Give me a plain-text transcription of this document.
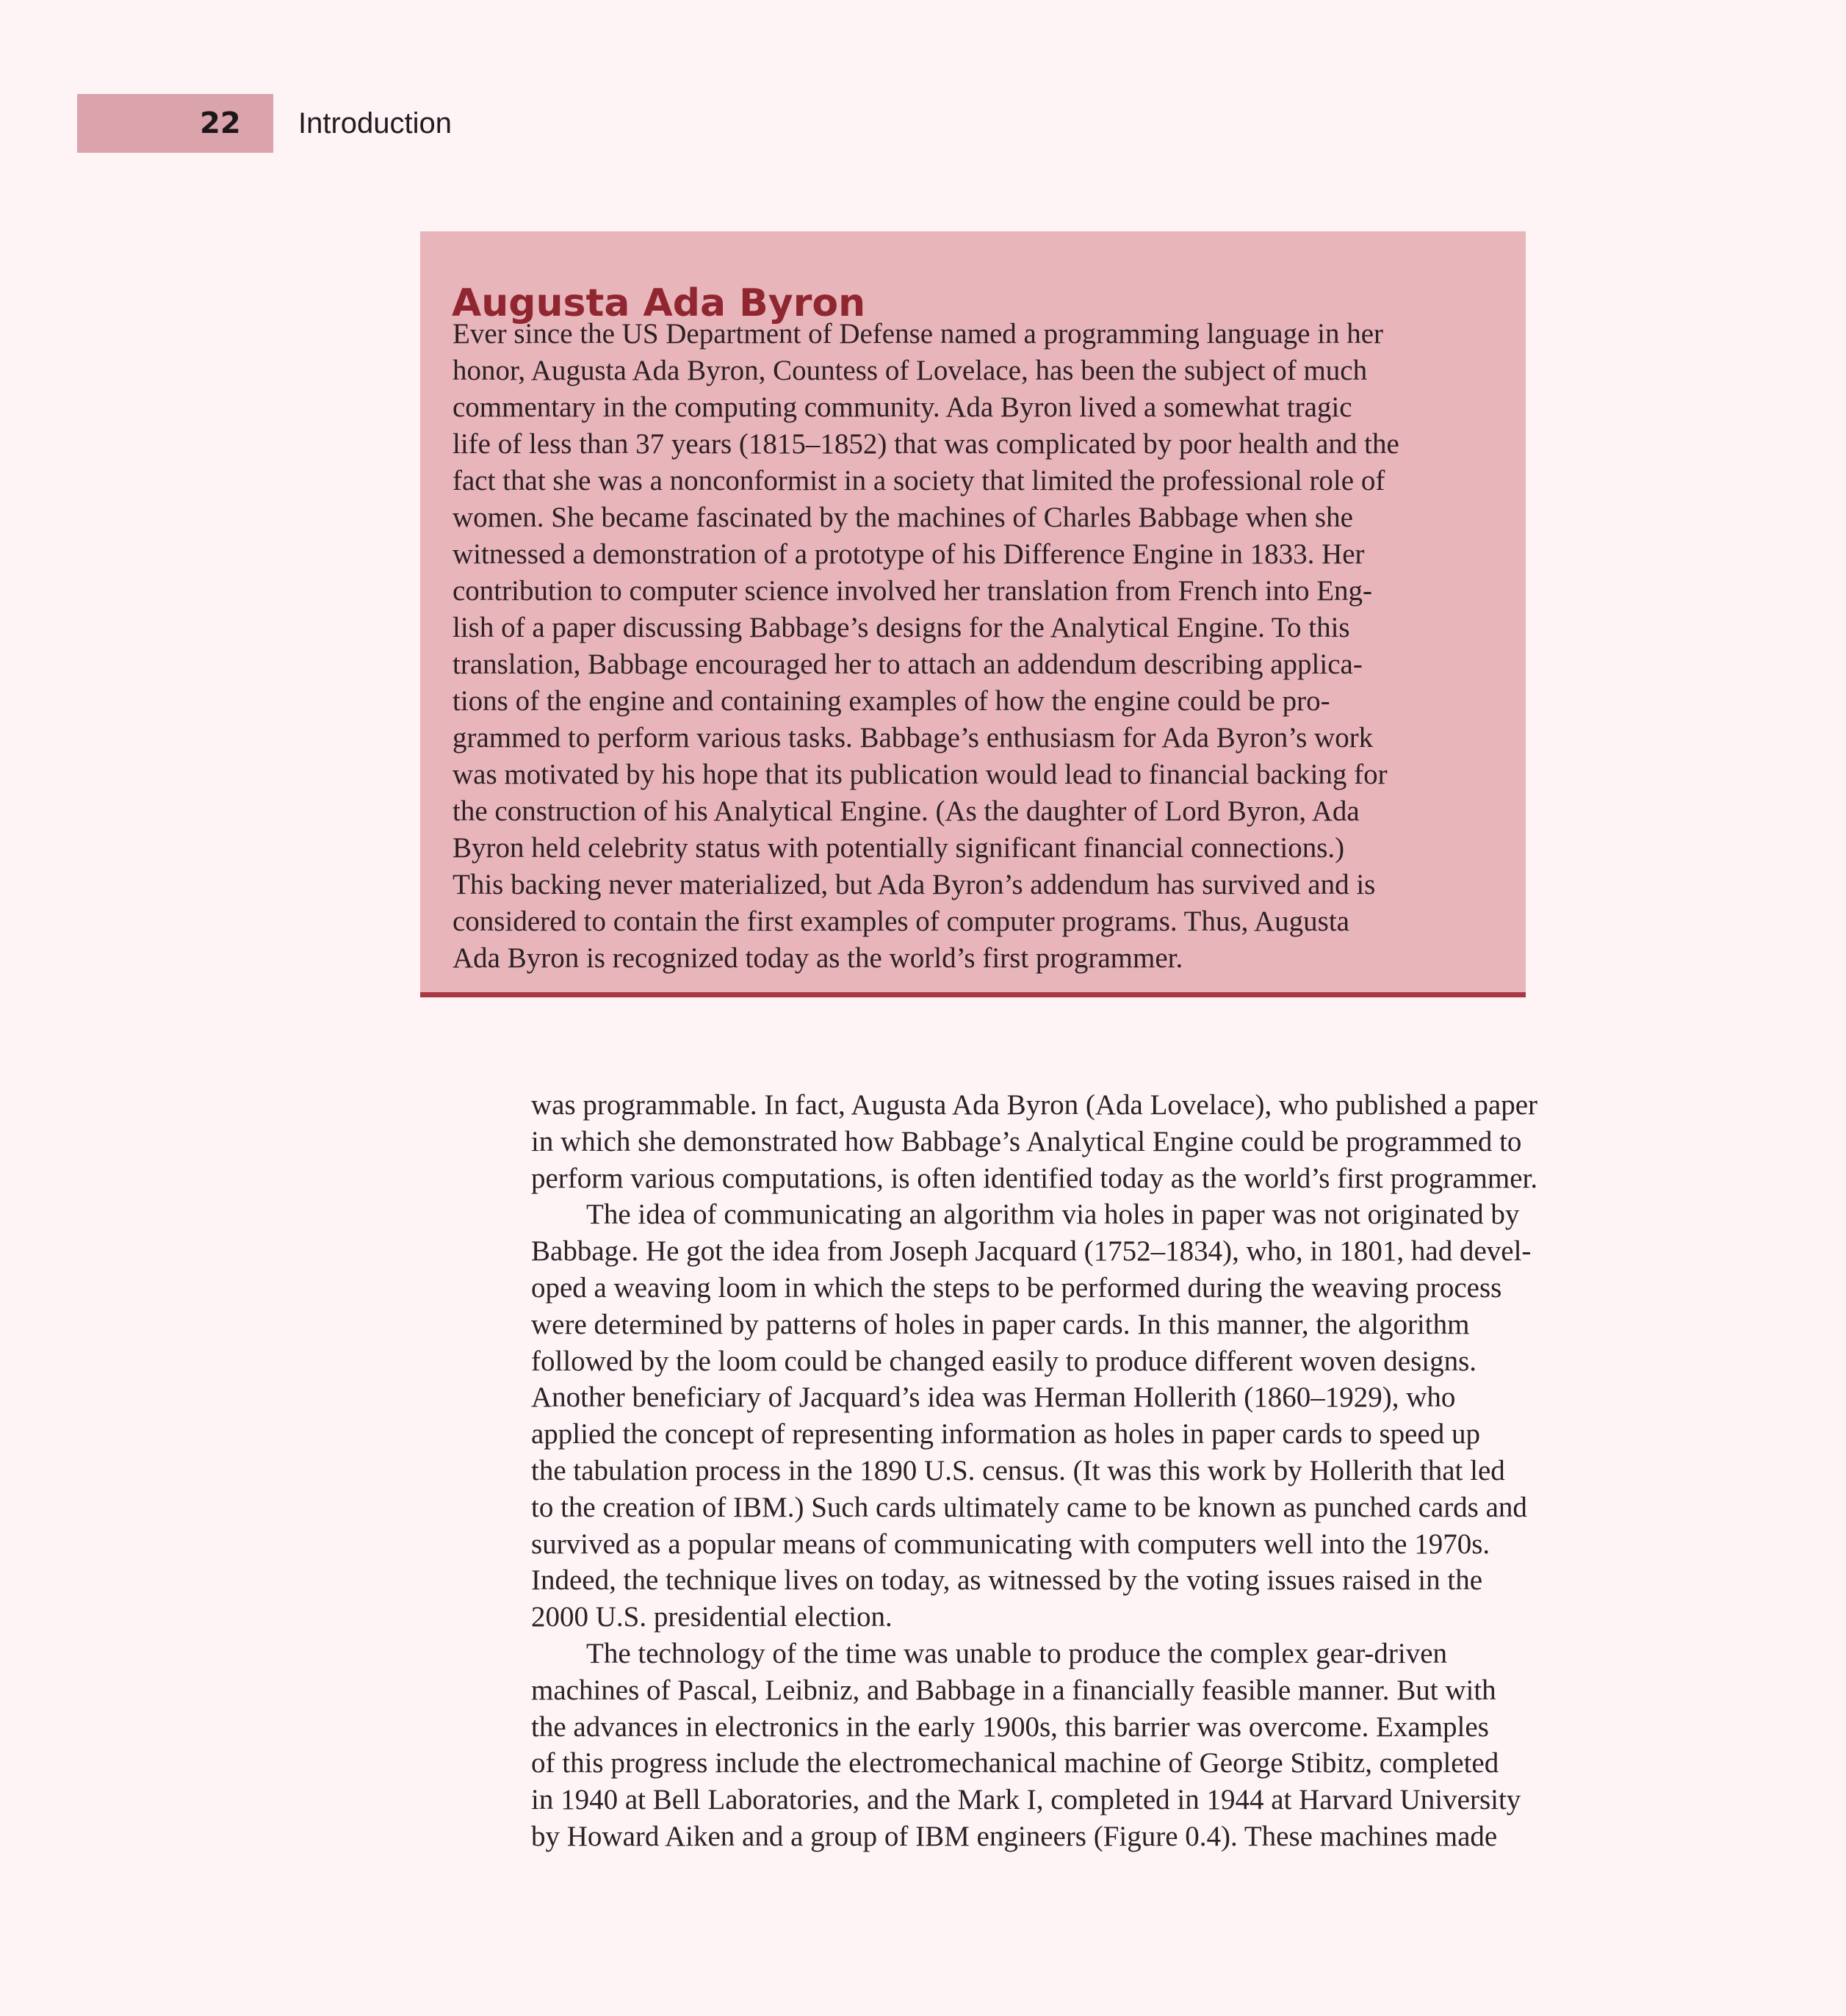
22 Introduction
Augusta Ada Byron
Ever since the US Department of Defense named a programming language in her
honor, Augusta Ada Byron, Countess of Lovelace, has been the subject of much
commentary in the computing community. Ada Byron lived a somewhat tragic
life of less than 37 years (1815–1852) that was complicated by poor health and the
fact that she was a nonconformist in a society that limited the professional role of
women. She became fascinated by the machines of Charles Babbage when she
witnessed a demonstration of a prototype of his Difference Engine in 1833. Her
contribution to computer science involved her translation from French into Eng-
lish of a paper discussing Babbage’s designs for the Analytical Engine. To this
translation, Babbage encouraged her to attach an addendum describing applica-
tions of the engine and containing examples of how the engine could be pro-
grammed to perform various tasks. Babbage’s enthusiasm for Ada Byron’s work
was motivated by his hope that its publication would lead to financial backing for
the construction of his Analytical Engine. (As the daughter of Lord Byron, Ada
Byron held celebrity status with potentially significant financial connections.)
This backing never materialized, but Ada Byron’s addendum has survived and is
considered to contain the first examples of computer programs. Thus, Augusta
Ada Byron is recognized today as the world’s first programmer.
was programmable. In fact, Augusta Ada Byron (Ada Lovelace), who published a paper
in which she demonstrated how Babbage’s Analytical Engine could be programmed to
perform various computations, is often identified today as the world’s first programmer.
The idea of communicating an algorithm via holes in paper was not originated by
Babbage. He got the idea from Joseph Jacquard (1752–1834), who, in 1801, had devel-
oped a weaving loom in which the steps to be performed during the weaving process
were determined by patterns of holes in paper cards. In this manner, the algorithm
followed by the loom could be changed easily to produce different woven designs.
Another beneficiary of Jacquard’s idea was Herman Hollerith (1860–1929), who
applied the concept of representing information as holes in paper cards to speed up
the tabulation process in the 1890 U.S. census. (It was this work by Hollerith that led
to the creation of IBM.) Such cards ultimately came to be known as punched cards and
survived as a popular means of communicating with computers well into the 1970s.
Indeed, the technique lives on today, as witnessed by the voting issues raised in the
2000 U.S. presidential election.
The technology of the time was unable to produce the complex gear-driven
machines of Pascal, Leibniz, and Babbage in a financially feasible manner. But with
the advances in electronics in the early 1900s, this barrier was overcome. Examples
of this progress include the electromechanical machine of George Stibitz, completed
in 1940 at Bell Laboratories, and the Mark I, completed in 1944 at Harvard University
by Howard Aiken and a group of IBM engineers (Figure 0.4). These machines made
